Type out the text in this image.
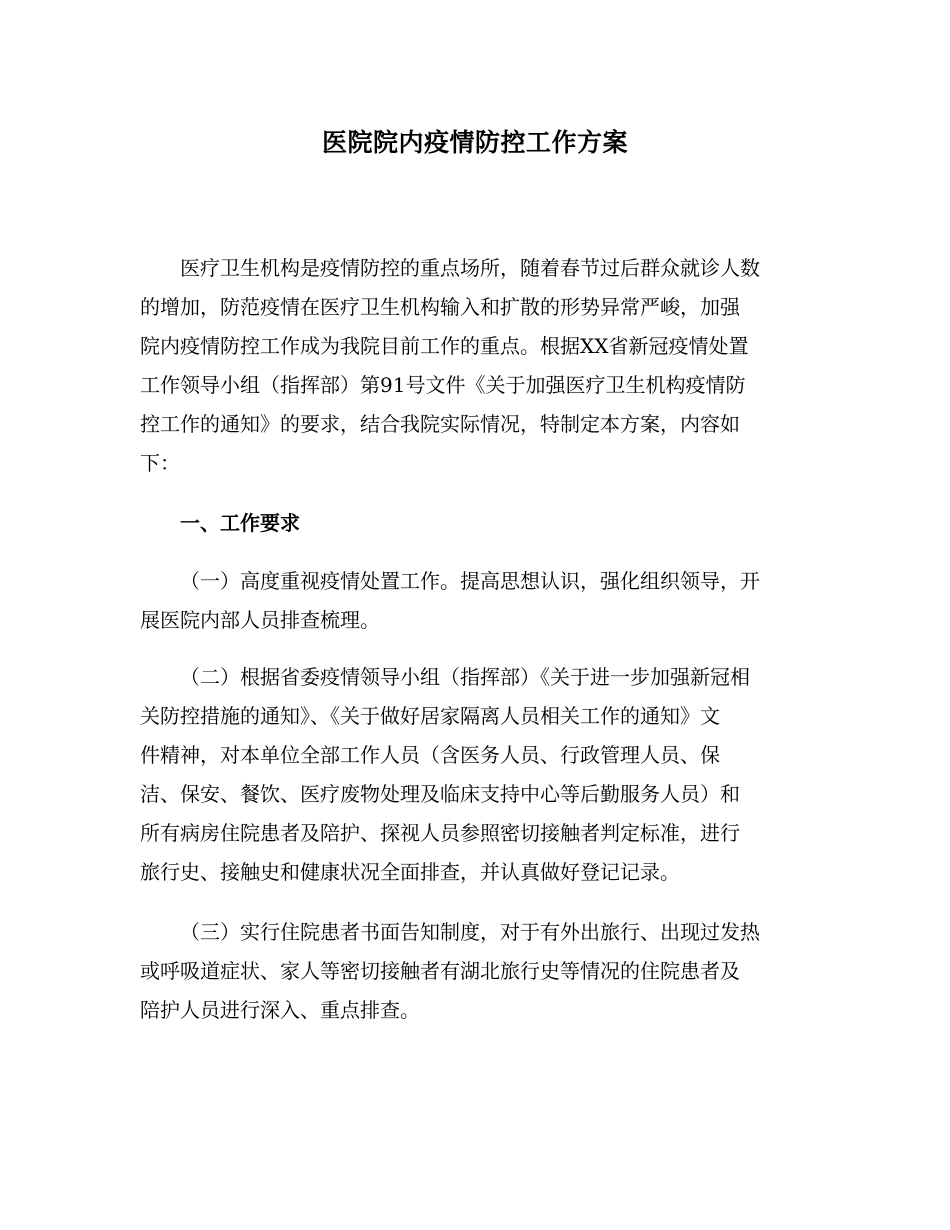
医院院内疫情防控工作方案
医疗卫生机构是疫情防控的重点场所，随着春节过后群众就诊人数
的增加，防范疫情在医疗卫生机构输入和扩散的形势异常严峻，加强
院内疫情防控工作成为我院目前工作的重点。根据XX省新冠疫情处置
工作领导小组（指挥部）第91号文件《关于加强医疗卫生机构疫情防
控工作的通知》的要求，结合我院实际情况，特制定本方案，内容如
下：
一、工作要求
（一）高度重视疫情处置工作。提高思想认识，强化组织领导，开
展医院内部人员排查梳理。
（二）根据省委疫情领导小组（指挥部）《关于进一步加强新冠相
关防控措施的通知》、《关于做好居家隔离人员相关工作的通知》文
件精神，对本单位全部工作人员（含医务人员、行政管理人员、保
洁、保安、餐饮、医疗废物处理及临床支持中心等后勤服务人员）和
所有病房住院患者及陪护、探视人员参照密切接触者判定标准，进行
旅行史、接触史和健康状况全面排查，并认真做好登记记录。
（三）实行住院患者书面告知制度，对于有外出旅行、出现过发热
或呼吸道症状、家人等密切接触者有湖北旅行史等情况的住院患者及
陪护人员进行深入、重点排查。
